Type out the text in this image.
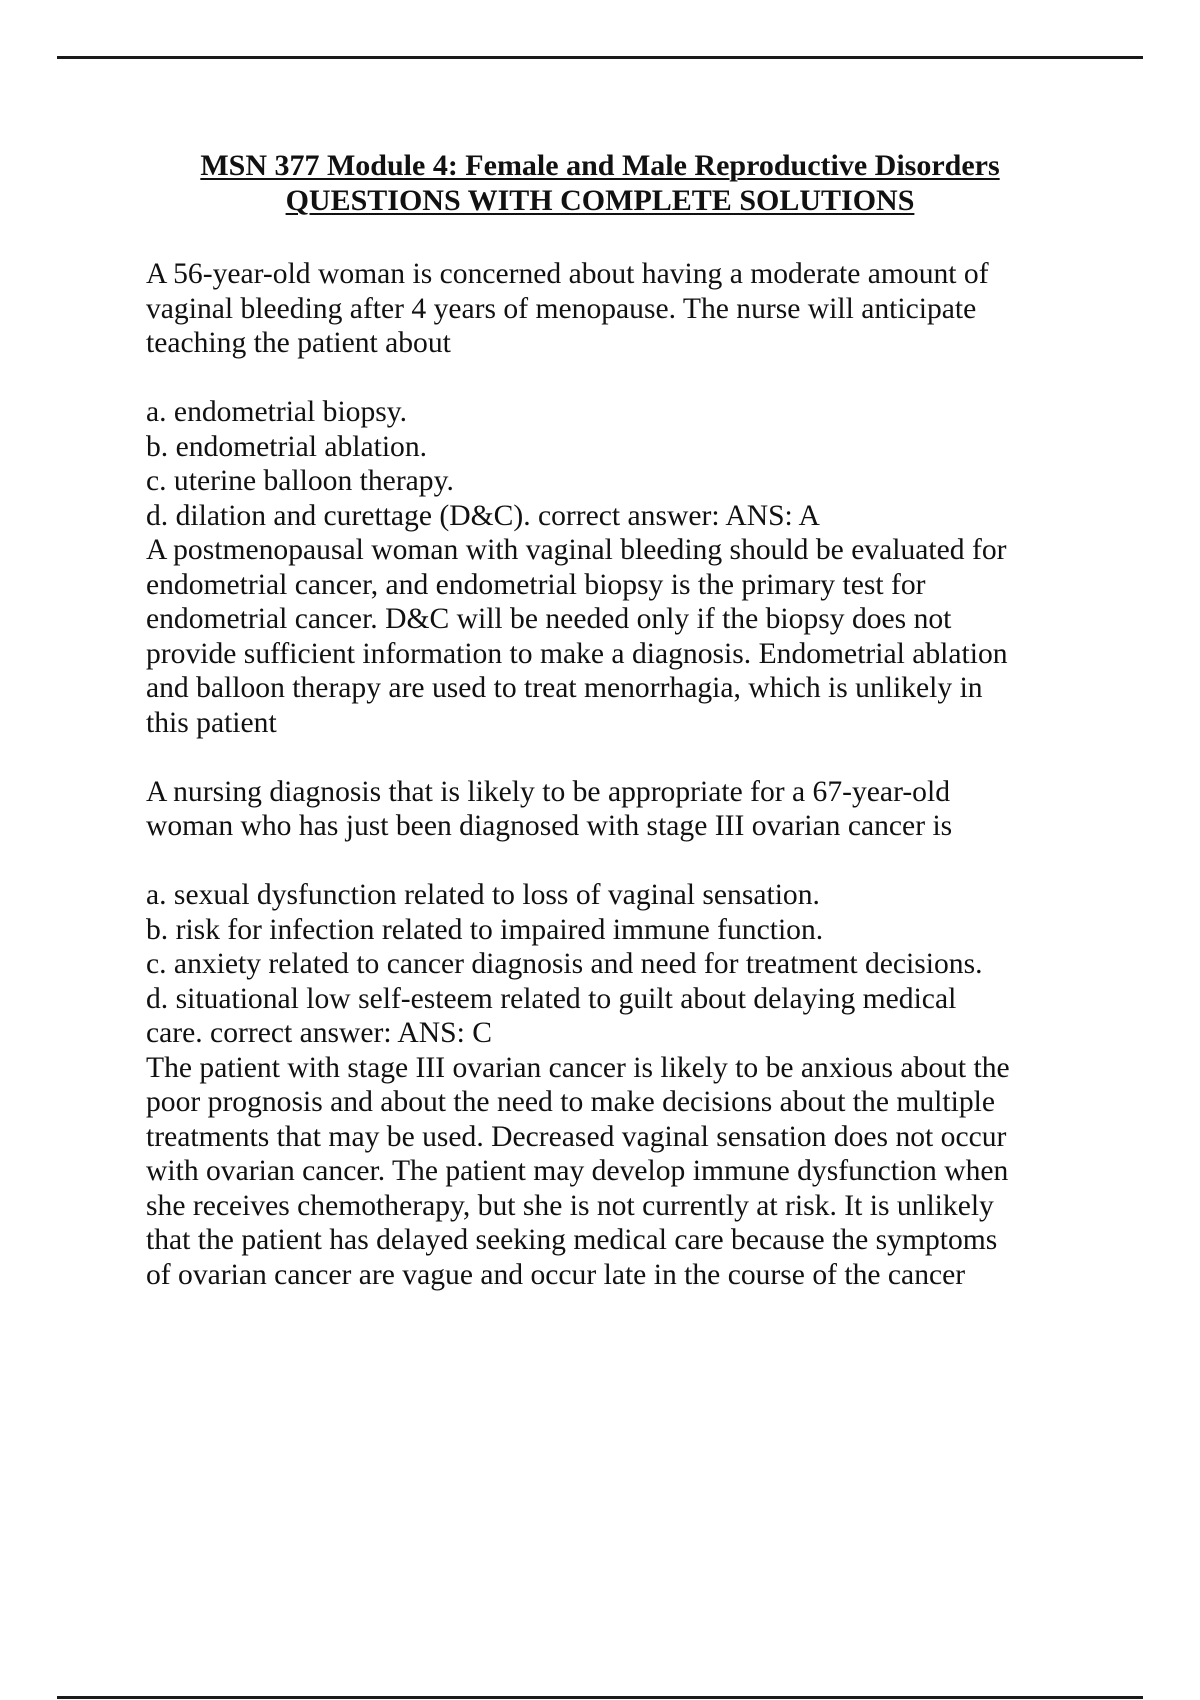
MSN 377 Module 4: Female and Male Reproductive Disorders
QUESTIONS WITH COMPLETE SOLUTIONS
A 56-year-old woman is concerned about having a moderate amount of
vaginal bleeding after 4 years of menopause. The nurse will anticipate
teaching the patient about
a. endometrial biopsy.
b. endometrial ablation.
c. uterine balloon therapy.
d. dilation and curettage (D&C). correct answer: ANS: A
A postmenopausal woman with vaginal bleeding should be evaluated for
endometrial cancer, and endometrial biopsy is the primary test for
endometrial cancer. D&C will be needed only if the biopsy does not
provide sufficient information to make a diagnosis. Endometrial ablation
and balloon therapy are used to treat menorrhagia, which is unlikely in
this patient
A nursing diagnosis that is likely to be appropriate for a 67-year-old
woman who has just been diagnosed with stage III ovarian cancer is
a. sexual dysfunction related to loss of vaginal sensation.
b. risk for infection related to impaired immune function.
c. anxiety related to cancer diagnosis and need for treatment decisions.
d. situational low self-esteem related to guilt about delaying medical
care. correct answer: ANS: C
The patient with stage III ovarian cancer is likely to be anxious about the
poor prognosis and about the need to make decisions about the multiple
treatments that may be used. Decreased vaginal sensation does not occur
with ovarian cancer. The patient may develop immune dysfunction when
she receives chemotherapy, but she is not currently at risk. It is unlikely
that the patient has delayed seeking medical care because the symptoms
of ovarian cancer are vague and occur late in the course of the cancer
